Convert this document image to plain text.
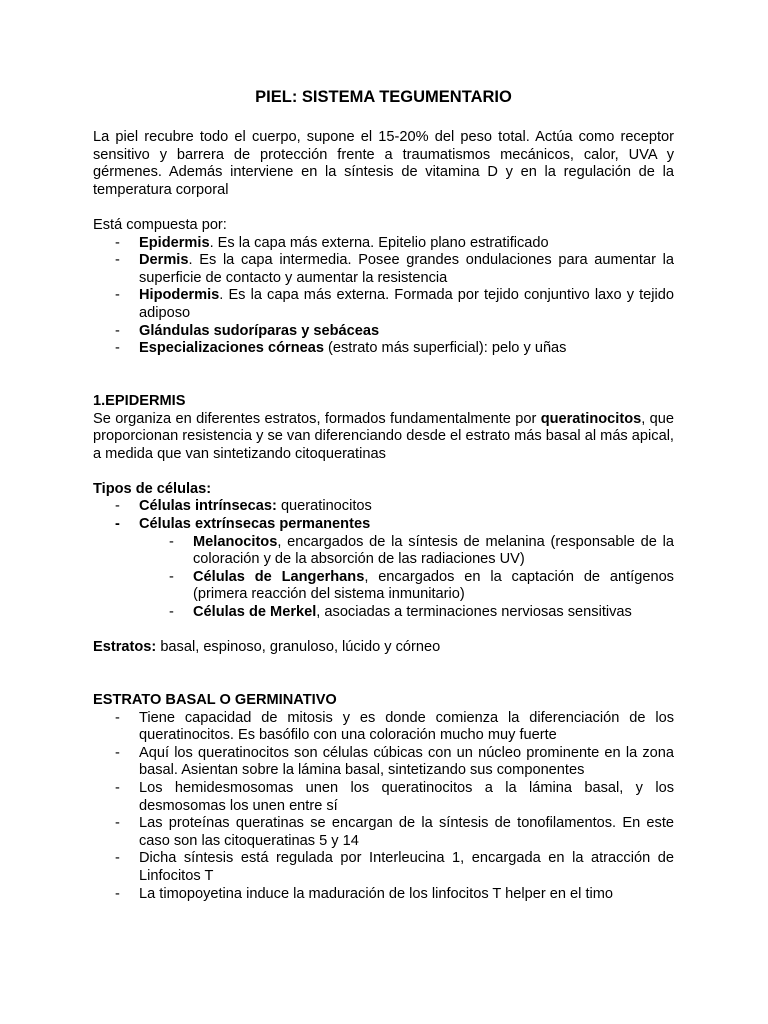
PIEL: SISTEMA TEGUMENTARIO

La piel recubre todo el cuerpo, supone el 15-20% del peso total. Actúa como receptor sensitivo y barrera de protección frente a traumatismos mecánicos, calor, UVA y gérmenes. Además interviene en la síntesis de vitamina D y en la regulación de la temperatura corporal

Está compuesta por:

- Epidermis. Es la capa más externa. Epitelio plano estratificado
- Dermis. Es la capa intermedia. Posee grandes ondulaciones para aumentar la superficie de contacto y aumentar la resistencia
- Hipodermis. Es la capa más externa. Formada por tejido conjuntivo laxo y tejido adiposo
- Glándulas sudoríparas y sebáceas
- Especializaciones córneas (estrato más superficial): pelo y uñas

1.EPIDERMIS

Se organiza en diferentes estratos, formados fundamentalmente por queratinocitos, que proporcionan resistencia y se van diferenciando desde el estrato más basal al más apical, a medida que van sintetizando citoqueratinas

Tipos de células:

- Células intrínsecas: queratinocitos
- Células extrínsecas permanentes
- Melanocitos, encargados de la síntesis de melanina (responsable de la coloración y de la absorción de las radiaciones UV)
- Células de Langerhans, encargados en la captación de antígenos (primera reacción del sistema inmunitario)
- Células de Merkel, asociadas a terminaciones nerviosas sensitivas

Estratos: basal, espinoso, granuloso, lúcido y córneo

ESTRATO BASAL O GERMINATIVO

- Tiene capacidad de mitosis y es donde comienza la diferenciación de los queratinocitos. Es basófilo con una coloración mucho muy fuerte
- Aquí los queratinocitos son células cúbicas con un núcleo prominente en la zona basal. Asientan sobre la lámina basal, sintetizando sus componentes
- Los hemidesmosomas unen los queratinocitos a la lámina basal, y los desmosomas los unen entre sí
- Las proteínas queratinas se encargan de la síntesis de tonofilamentos. En este caso son las citoqueratinas 5 y 14
- Dicha síntesis está regulada por Interleucina 1, encargada en la atracción de Linfocitos T
- La timopoyetina induce la maduración de los linfocitos T helper en el timo
